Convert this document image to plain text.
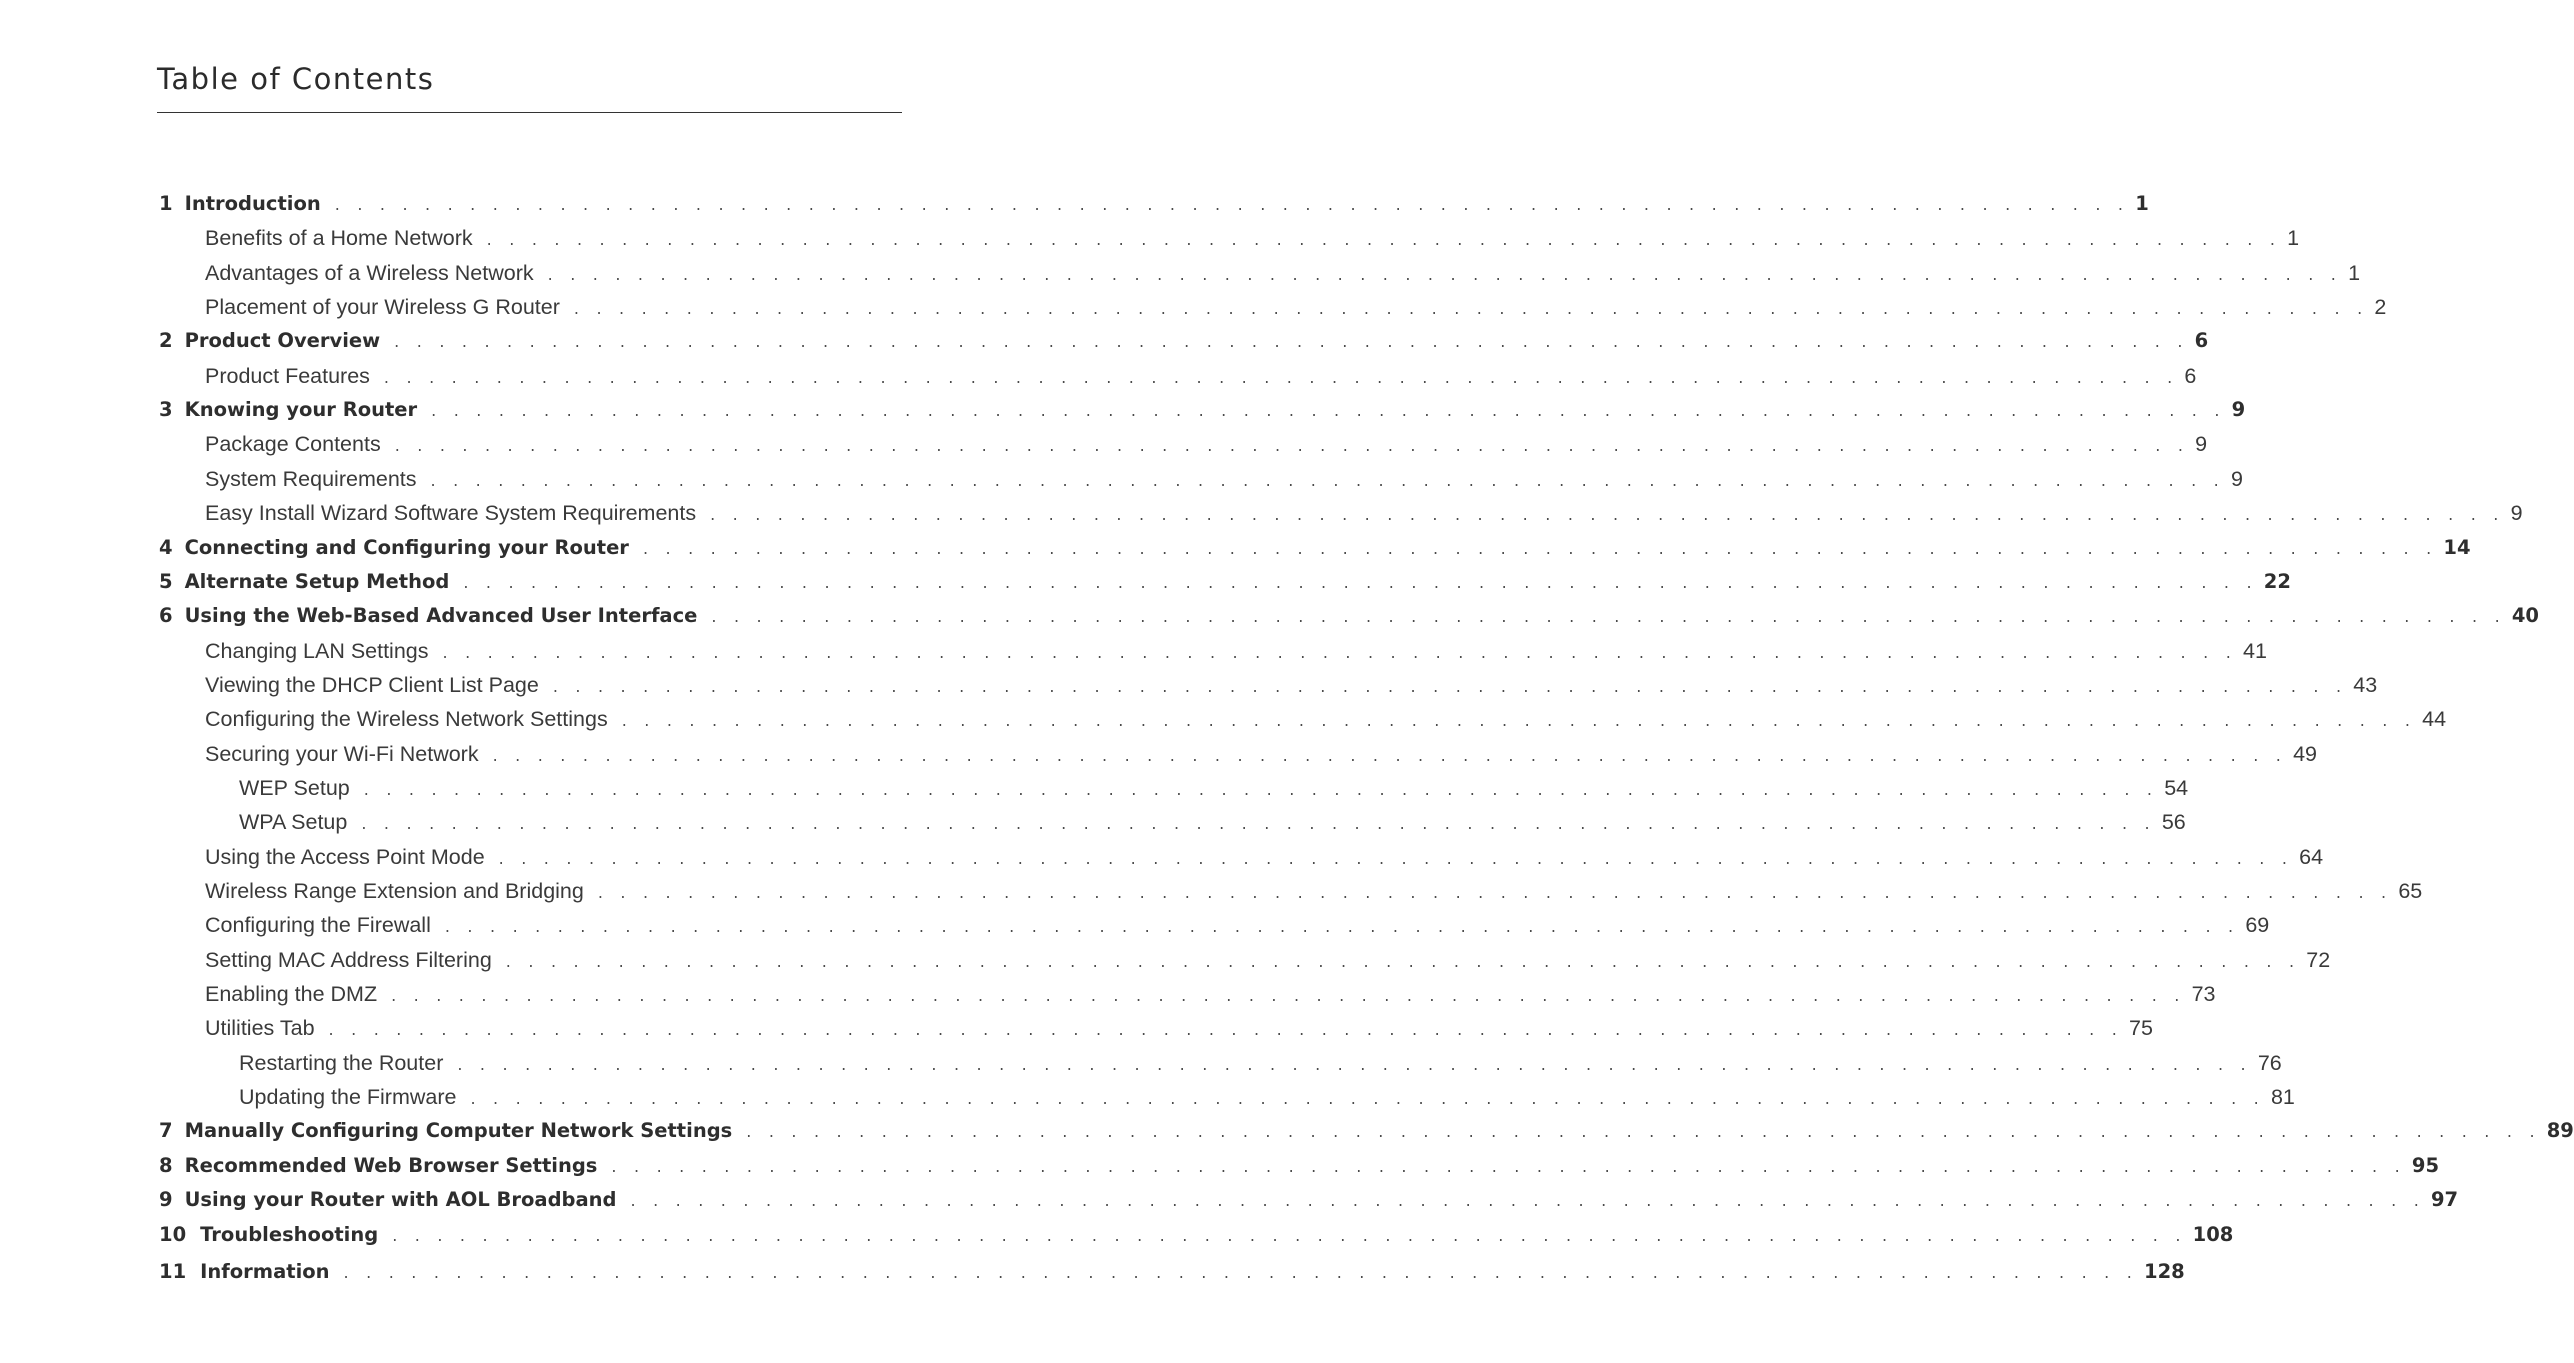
Table of Contents
1 Introduction . . . . . . . . . . . . . . . . . . . . . . . . . . . . . . . . . . . . . . . . . . . . . . . . . . . . . . . . . . . . . . . . . . . . . . . . . . . . . . . . 1
Benefits of a Home Network . . . . . . . . . . . . . . . . . . . . . . . . . . . . . . . . . . . . . . . . . . . . . . . . . . . . . . . . . . . . . . . . . . . . . . . . . . . . . . . . 1
Advantages of a Wireless Network . . . . . . . . . . . . . . . . . . . . . . . . . . . . . . . . . . . . . . . . . . . . . . . . . . . . . . . . . . . . . . . . . . . . . . . . . . . . . . . . 1
Placement of your Wireless G Router . . . . . . . . . . . . . . . . . . . . . . . . . . . . . . . . . . . . . . . . . . . . . . . . . . . . . . . . . . . . . . . . . . . . . . . . . . . . . . . . 2
2 Product Overview . . . . . . . . . . . . . . . . . . . . . . . . . . . . . . . . . . . . . . . . . . . . . . . . . . . . . . . . . . . . . . . . . . . . . . . . . . . . . . . . 6
Product Features . . . . . . . . . . . . . . . . . . . . . . . . . . . . . . . . . . . . . . . . . . . . . . . . . . . . . . . . . . . . . . . . . . . . . . . . . . . . . . . . 6
3 Knowing your Router . . . . . . . . . . . . . . . . . . . . . . . . . . . . . . . . . . . . . . . . . . . . . . . . . . . . . . . . . . . . . . . . . . . . . . . . . . . . . . . . 9
Package Contents . . . . . . . . . . . . . . . . . . . . . . . . . . . . . . . . . . . . . . . . . . . . . . . . . . . . . . . . . . . . . . . . . . . . . . . . . . . . . . . . 9
System Requirements . . . . . . . . . . . . . . . . . . . . . . . . . . . . . . . . . . . . . . . . . . . . . . . . . . . . . . . . . . . . . . . . . . . . . . . . . . . . . . . . 9
Easy Install Wizard Software System Requirements . . . . . . . . . . . . . . . . . . . . . . . . . . . . . . . . . . . . . . . . . . . . . . . . . . . . . . . . . . . . . . . . . . . . . . . . . . . . . . . . 9
4 Connecting and Configuring your Router . . . . . . . . . . . . . . . . . . . . . . . . . . . . . . . . . . . . . . . . . . . . . . . . . . . . . . . . . . . . . . . . . . . . . . . . . . . . . . . . 14
5 Alternate Setup Method . . . . . . . . . . . . . . . . . . . . . . . . . . . . . . . . . . . . . . . . . . . . . . . . . . . . . . . . . . . . . . . . . . . . . . . . . . . . . . . . 22
6 Using the Web-Based Advanced User Interface . . . . . . . . . . . . . . . . . . . . . . . . . . . . . . . . . . . . . . . . . . . . . . . . . . . . . . . . . . . . . . . . . . . . . . . . . . . . . . . . 40
Changing LAN Settings . . . . . . . . . . . . . . . . . . . . . . . . . . . . . . . . . . . . . . . . . . . . . . . . . . . . . . . . . . . . . . . . . . . . . . . . . . . . . . . . 41
Viewing the DHCP Client List Page . . . . . . . . . . . . . . . . . . . . . . . . . . . . . . . . . . . . . . . . . . . . . . . . . . . . . . . . . . . . . . . . . . . . . . . . . . . . . . . . 43
Configuring the Wireless Network Settings . . . . . . . . . . . . . . . . . . . . . . . . . . . . . . . . . . . . . . . . . . . . . . . . . . . . . . . . . . . . . . . . . . . . . . . . . . . . . . . . 44
Securing your Wi-Fi Network . . . . . . . . . . . . . . . . . . . . . . . . . . . . . . . . . . . . . . . . . . . . . . . . . . . . . . . . . . . . . . . . . . . . . . . . . . . . . . . . 49
WEP Setup . . . . . . . . . . . . . . . . . . . . . . . . . . . . . . . . . . . . . . . . . . . . . . . . . . . . . . . . . . . . . . . . . . . . . . . . . . . . . . . . 54
WPA Setup . . . . . . . . . . . . . . . . . . . . . . . . . . . . . . . . . . . . . . . . . . . . . . . . . . . . . . . . . . . . . . . . . . . . . . . . . . . . . . . . 56
Using the Access Point Mode . . . . . . . . . . . . . . . . . . . . . . . . . . . . . . . . . . . . . . . . . . . . . . . . . . . . . . . . . . . . . . . . . . . . . . . . . . . . . . . . 64
Wireless Range Extension and Bridging . . . . . . . . . . . . . . . . . . . . . . . . . . . . . . . . . . . . . . . . . . . . . . . . . . . . . . . . . . . . . . . . . . . . . . . . . . . . . . . . 65
Configuring the Firewall . . . . . . . . . . . . . . . . . . . . . . . . . . . . . . . . . . . . . . . . . . . . . . . . . . . . . . . . . . . . . . . . . . . . . . . . . . . . . . . . 69
Setting MAC Address Filtering . . . . . . . . . . . . . . . . . . . . . . . . . . . . . . . . . . . . . . . . . . . . . . . . . . . . . . . . . . . . . . . . . . . . . . . . . . . . . . . . 72
Enabling the DMZ . . . . . . . . . . . . . . . . . . . . . . . . . . . . . . . . . . . . . . . . . . . . . . . . . . . . . . . . . . . . . . . . . . . . . . . . . . . . . . . . 73
Utilities Tab . . . . . . . . . . . . . . . . . . . . . . . . . . . . . . . . . . . . . . . . . . . . . . . . . . . . . . . . . . . . . . . . . . . . . . . . . . . . . . . . 75
Restarting the Router . . . . . . . . . . . . . . . . . . . . . . . . . . . . . . . . . . . . . . . . . . . . . . . . . . . . . . . . . . . . . . . . . . . . . . . . . . . . . . . . 76
Updating the Firmware . . . . . . . . . . . . . . . . . . . . . . . . . . . . . . . . . . . . . . . . . . . . . . . . . . . . . . . . . . . . . . . . . . . . . . . . . . . . . . . . 81
7 Manually Configuring Computer Network Settings . . . . . . . . . . . . . . . . . . . . . . . . . . . . . . . . . . . . . . . . . . . . . . . . . . . . . . . . . . . . . . . . . . . . . . . . . . . . . . . . 89
8 Recommended Web Browser Settings . . . . . . . . . . . . . . . . . . . . . . . . . . . . . . . . . . . . . . . . . . . . . . . . . . . . . . . . . . . . . . . . . . . . . . . . . . . . . . . . 95
9 Using your Router with AOL Broadband . . . . . . . . . . . . . . . . . . . . . . . . . . . . . . . . . . . . . . . . . . . . . . . . . . . . . . . . . . . . . . . . . . . . . . . . . . . . . . . . 97
10 Troubleshooting . . . . . . . . . . . . . . . . . . . . . . . . . . . . . . . . . . . . . . . . . . . . . . . . . . . . . . . . . . . . . . . . . . . . . . . . . . . . . . . . 108
11 Information . . . . . . . . . . . . . . . . . . . . . . . . . . . . . . . . . . . . . . . . . . . . . . . . . . . . . . . . . . . . . . . . . . . . . . . . . . . . . . . . 128
